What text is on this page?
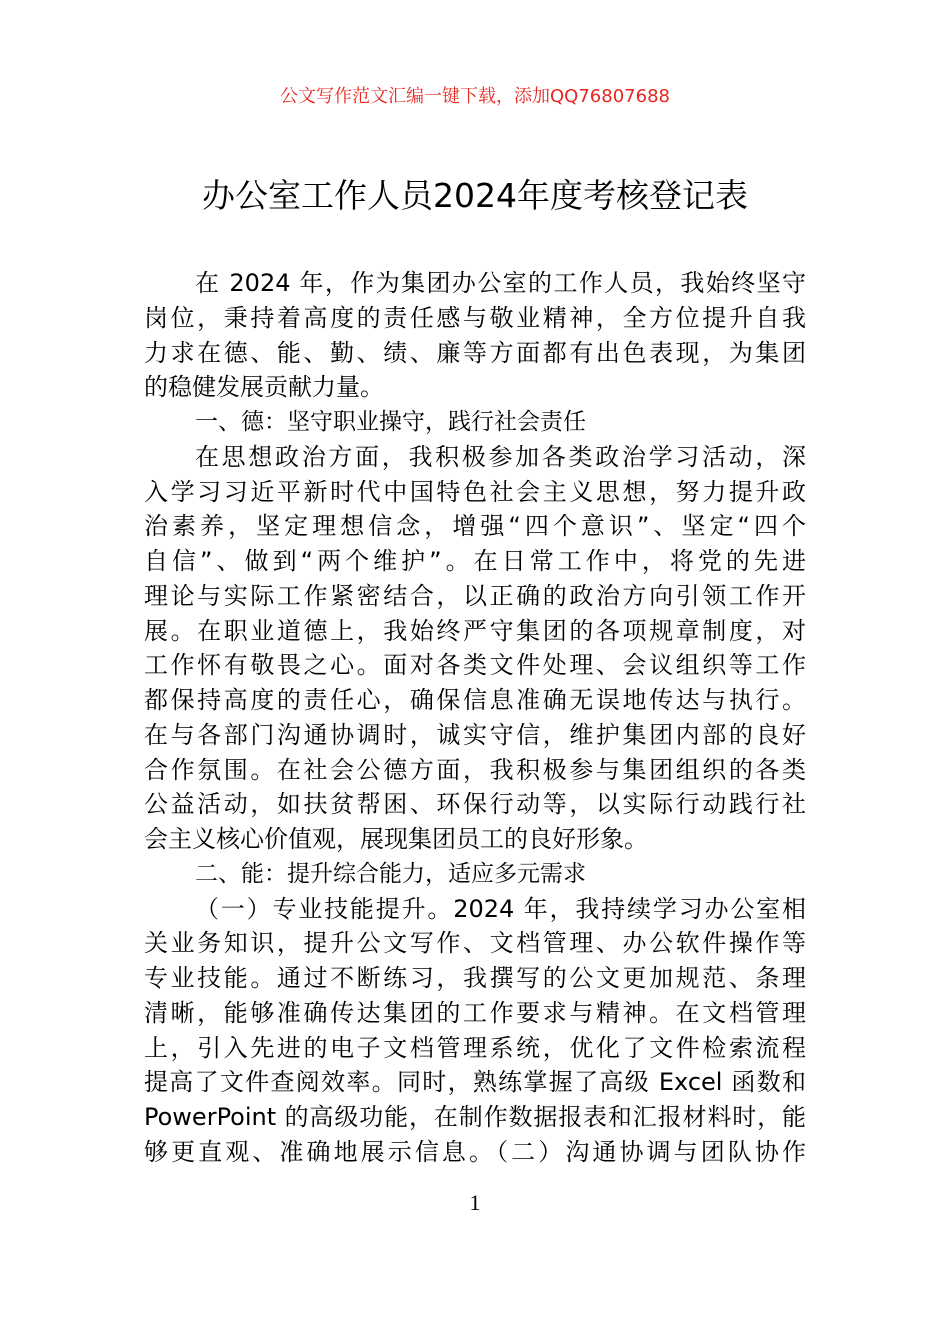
公文写作范文汇编一键下载，添加QQ76807688
办公室工作人员2024年度考核登记表
在 2024 年，作为集团办公室的工作人员，我始终坚守
岗位，秉持着高度的责任感与敬业精神，全方位提升自我
力求在德、能、勤、绩、廉等方面都有出色表现，为集团
的稳健发展贡献力量。
一、德：坚守职业操守，践行社会责任
在思想政治方面，我积极参加各类政治学习活动，深
入学习习近平新时代中国特色社会主义思想，努力提升政
治素养，坚定理想信念，增强“四个意识”、坚定“四个
自信”、做到“两个维护”。在日常工作中，将党的先进
理论与实际工作紧密结合，以正确的政治方向引领工作开
展。在职业道德上，我始终严守集团的各项规章制度，对
工作怀有敬畏之心。面对各类文件处理、会议组织等工作
都保持高度的责任心，确保信息准确无误地传达与执行。
在与各部门沟通协调时，诚实守信，维护集团内部的良好
合作氛围。在社会公德方面，我积极参与集团组织的各类
公益活动，如扶贫帮困、环保行动等，以实际行动践行社
会主义核心价值观，展现集团员工的良好形象。
二、能：提升综合能力，适应多元需求
（一）专业技能提升。2024 年，我持续学习办公室相
关业务知识，提升公文写作、文档管理、办公软件操作等
专业技能。通过不断练习，我撰写的公文更加规范、条理
清晰，能够准确传达集团的工作要求与精神。在文档管理
上，引入先进的电子文档管理系统，优化了文件检索流程
提高了文件查阅效率。同时，熟练掌握了高级 Excel 函数和
PowerPoint 的高级功能，在制作数据报表和汇报材料时，能
够更直观、准确地展示信息。（二）沟通协调与团队协作
1
